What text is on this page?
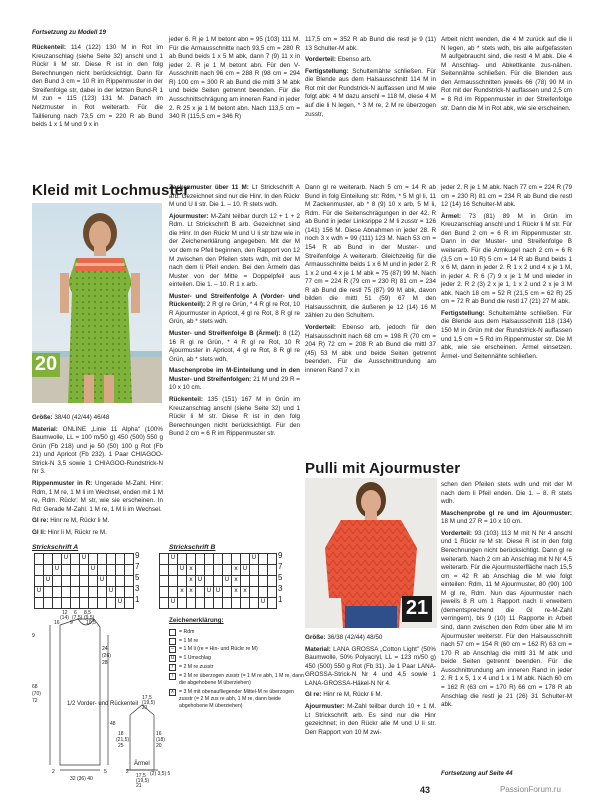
Fortsetzung zu Modell 19

Rückenteil: 114 (122) 130 M in Rot im Kreuzanschlag (siehe Seite 32) anschl und 1 Rückr li M str. Diese R ist in den folg Berechnungen nicht berücksichtigt. Dann für den Bund 3 cm = 10 R im Rippenmuster in der Streifenfolge str, dabei in der letzten Bund-R 1 M zun = 115 (123) 131 M. Danach im Netzmuster in Rot weiterarb. Für die Taillierung nach 73,5 cm = 220 R ab Bund beids 1 x 1 M und 9 x in

jeder 6. R je 1 M betont abn = 95 (103) 111 M. Für die Armausschnitte nach 93,5 cm = 280 R ab Bund beids 1 x 5 M abk, dann 7 (9) 11 x in jeder 2. R je 1 M betont abn. Für den V-Ausschnitt nach 96 cm = 288 R (98 cm = 294 R) 100 cm = 300 R ab Bund die mittl 3 M abk und beide Seiten getrennt beenden. Für die Ausschnittschrägung am inneren Rand in jeder 2. R 25 x je 1 M betont abn. Nach 113,5 cm = 340 R (115,5 cm = 346 R)

117,5 cm = 352 R ab Bund die restl je 9 (11) 13 Schulter-M abk.

Vorderteil: Ebenso arb.

Fertigstellung: Schultemähte schließen. Für die Blende aus dem Halsausschnitt 114 M in Rot mit der Rundstrick-N auffassen und M wie folgt abk: 4 M dazu anschl = 118 M, diese 4 M auf die li N legen, * 3 M re, 2 M re überzogen zusstr,

Arbeit nicht wenden, die 4 M zurück auf die li N legen, ab * stets wdh, bis alle aufgefassten M aufgebraucht sind, die restl 4 M abk. Die 4 M Anschlag- und Abkettkante zus-nähen. Seitennähte schließen. Für die Blenden aus den Armausschnitten jeweils 66 (78) 90 M in Rot mit der Rundstrick-N auffassen und 2,5 cm = 8 Rd im Rippenmuster in der Streifenfolge str. Dann die M in Rot abk, wie sie erscheinen.

Kleid mit Lochmuster
20

Größe: 38/40 (42/44) 46/48

Material: ONLINE „Linie 11 Alpha" (100% Baumwolle, LL = 100 m/50 g) 450 (500) 550 g Grün (Fb 218) und je 50 (50) 100 g Rot (Fb 21) und Apricot (Fb 232). 1 Paar CHIAGOO-Strick-N 3,5 sowie 1 CHIAGOO-Rundstrick-N Nr 3.

Rippenmuster in R: Ungerade M-Zahl. Hinr: Rdm, 1 M re, 1 M li im Wechsel, enden mit 1 M re, Rdm. Rückr: M str, wie sie erscheinen. In Rd: Gerade M-Zahl. 1 M re, 1 M li im Wechsel.

Gl re: Hinr re M, Rückr li M.

Gl li: Hinr li M, Rückr re M.

Zackenmuster über 11 M: Lt Strickschrift A arb. Gezeichnet sind nur die Hinr. In den Rückr M und U li str. Die 1. – 10. R stets wdh.

Ajourmuster: M-Zahl teilbar durch 12 + 1 + 2 Rdm. Lt Strickschrift B arb. Gezeichnet sind die Hinr. In den Rückr M und U li str bzw wie in der Zeichenerklärung angegeben. Mit der M vor dem re Pfeil beginnen, den Rapport von 12 M zwischen den Pfeilen stets wdh, mit der M nach dem li Pfeil enden. Bei den Ärmeln das Muster von der Mitte = Doppelpfeil aus einteilen. Die 1. – 10. R 1 x arb.

Muster- und Streifenfolge A (Vorder- und Rückenteil): 2 R gl re Grün, * 4 R gl re Rot, 10 R Ajourmuster in Apricot, 4 gl re Rot, 8 R gl re Grün, ab * stets wdh.

Muster- und Streifenfolge B (Ärmel): 8 (12) 16 R gl re Grün, * 4 R gl re Rot, 10 R Ajourmuster in Apricot, 4 gl re Rot, 8 R gl re Grün, ab * stets wdh.

Maschenprobe im M-Einteilung und in den Muster- und Streifenfolgen: 21 M und 29 R = 10 x 10 cm.

Rückenteil: 135 (151) 167 M in Grün im Kreuzanschlag anschl (siehe Seite 32) und 1 Rückr li M str. Diese R ist in den folg Berechnungen nicht berücksichtigt. Für den Bund 2 cm = 6 R im Rippenmuster str.

Dann gl re weiterarb. Nach 5 cm = 14 R ab Bund in folg Einteilung str: Rdm, * 5 M gl li, 11 M Zackenmuster, ab * 8 (9) 10 x arb, 5 M li, Rdm. Für die Seitenschrägungen in der 42. R ab Bund in jeder Linksrippe 2 M li zusstr = 126 (141) 156 M. Diese Abnahmen in jeder 28. R noch 3 x wdh = 99 (111) 123 M. Nach 53 cm = 154 R ab Bund in der Muster- und Streifenfolge A weiterarb. Gleichzeitig für die Armausschnitte beids 1 x 6 M und in jeder 2. R 1 x 2 und 4 x je 1 M abk = 75 (87) 99 M. Nach 77 cm = 224 R (79 cm = 230 R) 81 cm = 234 R ab Bund die restl 75 (87) 99 M abk, davon bilden die mittl 51 (59) 67 M den Halsausschnitt, die äußeren je 12 (14) 16 M zählen zu den Schultern.

Vorderteil: Ebenso arb, jedoch für den Halsausschnitt nach 68 cm = 198 R (70 cm = 204 R) 72 cm = 208 R ab Bund die mittl 37 (45) 53 M abk und beide Seiten getrennt beenden. Für die Ausschnittrundung am inneren Rand 7 x in

jeder 2. R je 1 M abk. Nach 77 cm = 224 R (79 cm = 230 R) 81 cm = 234 R ab Bund die restl 12 (14) 16 Schulter-M abk.

Ärmel: 73 (81) 89 M in Grün im Kreuzanschlag anschl und 1 Rückr li M str. Für den Bund 2 cm = 6 R im Rippenmuster str. Dann in der Muster- und Streifenfolge B weiterarb. Für die Armkugel nach 2 cm = 6 R (3,5 cm = 10 R) 5 cm = 14 R ab Bund beids 1 x 6 M, dann in jeder 2. R 1 x 2 und 4 x je 1 M, in jeder 4. R 6 (7) 9 x je 1 M und wieder in jeder 2. R 2 (3) 2 x je 1, 1 x 2 und 2 x je 3 M abk. Nach 18 cm = 52 R (21,5 cm = 62 R) 25 cm = 72 R ab Bund die restl 17 (21) 27 M abk.

Fertigstellung: Schultemähte schließen. Für die Blende aus dem Halsausschnitt 118 (134) 150 M in Grün mit der Rundstrick-N auffassen und 1,5 cm = 5 Rd im Rippenmuster str. Die M abk, wie sie erscheinen. Ärmel einsetzen. Ärmel- und Seitennähte schließen.

Strickschrift A
U	U
U	U
U	U
U	U
U
9
7
5
3
1
Strickschrift B
U	U
U x	x U
x U	U x
x x	U U	x x
U	U
9
7
5
3
1
Zeichenerklärung:
= Rdm
= 1 M re
– = 1 M li (re = Hin- und Rückr re M)
U = 1 Umschlag
/	= 2 M re zusstr
\	= 2 M re überzogen zusstr (= 1 M re abh, 1 M re, dann die abgehobene M überziehen)
∧ = 3 M mit obenaufliegender Mittel-M re überzogen zusstr (= 2 M zus re abh, 1 M re, dann beide abgehobene M überziehen)
12 6 8,5
(14) (7,5) (9,5)
16 9	10,5
9
68
(70)
72
24
(26)
28
48
32 (36) 40
5
2
1/2 Vorder- und Rückenteil
Ärmel
17,5
(19,5)
21
16
(18)
20
18
(21,5)
25
2
17,5
(19,5)
21
(2) 3,5) 5
Pulli mit Ajourmuster
21

Größe: 36/38 (42/44) 48/50

Material: LANA GROSSA „Cotton Light" (50% Baumwolle, 50% Polyacryl, LL = 123 m/50 g) 450 (500) 550 g Rot (Fb 31). Je 1 Paar LANA-GROSSA-Strick-N Nr 4 und 4,5 sowie 1 LANA-GROSSA-Häkel-N Nr 4.

Gl re: Hinr re M, Rückr li M.

Ajourmuster: M-Zahl teilbar durch 10 + 1 M. Lt Strickschrift arb. Es sind nur die Hinr gezeichnet; in den Rückr alle M und U li str. Den Rapport von 10 M zwi-

schen den Pfeilen stets wdh und mit der M nach dem li Pfeil enden. Die 1. – 8. R stets wdh.

Maschenprobe gl re und im Ajourmuster: 18 M und 27 R = 10 x 10 cm.

Vorderteil: 93 (103) 113 M mit N Nr 4 anschl und 1 Rückr re M str. Diese R ist in den folg Berechnungen nicht berücksichtigt. Dann gl re weiterarb. Nach 2 cm ab Anschlag mit N Nr 4,5 weiterarb. Für die Ajourmusterfläche nach 15,5 cm = 42 R ab Anschlag die M wie folgt einteilen: Rdm, 11 M Ajourmuster, 80 (90) 100 M gl re, Rdm. Nun das Ajourmuster nach jeweils 8 R um 1 Rapport nach li erweitern (dementsprechend die Gl re-M-Zahl verringern), bis 9 (10) 11 Rapporte in Arbeit sind, dann zwischen den Rdm über alle M im Ajourmuster weiterstr. Für den Halsausschnitt nach 57 cm = 154 R (60 cm = 162 R) 63 cm = 170 R ab Anschlag die mittl 31 M abk und beide Seiten getrennt beenden. Für die Ausschnittrundung am inneren Rand in jeder 2. R 1 x 5, 1 x 4 und 1 x 1 M abk. Nach 60 cm = 162 R (63 cm = 170 R) 66 cm = 178 R ab Anschlag die restl je 21 (26) 31 Schulter-M abk.

Fortsetzung auf Seite 44
43	PassionForum.ru
